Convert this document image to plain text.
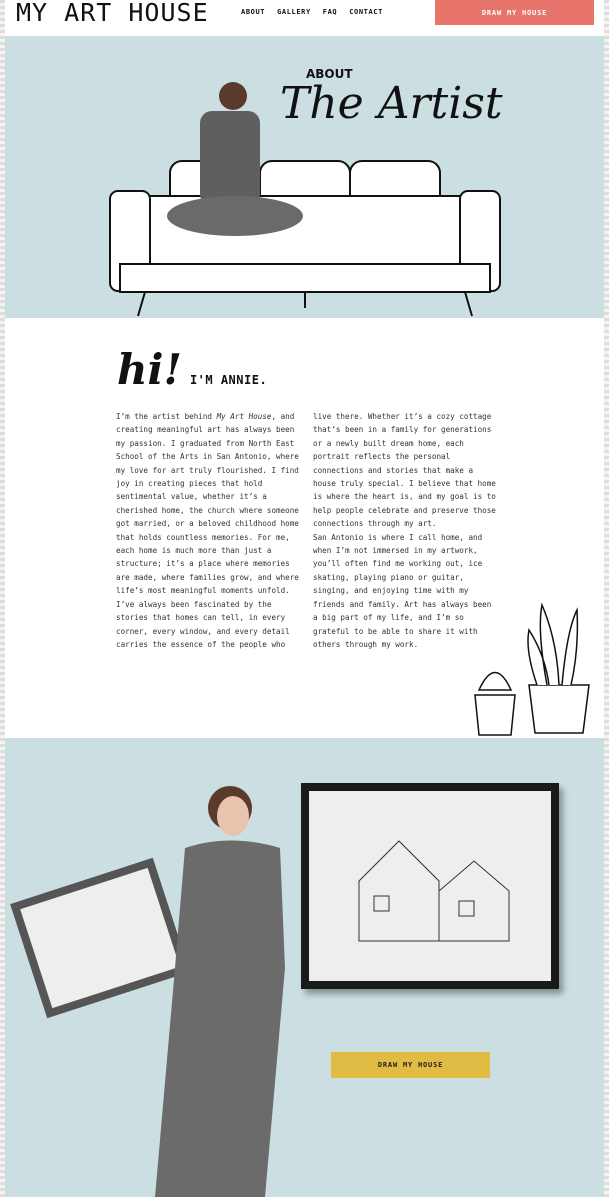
MY ART HOUSE	ABOUT GALLERY FAQ CONTACT	DRAW MY HOUSE
ABOUT
The Artist
hi! I'M ANNIE.

I’m the artist behind My Art House, and creating meaningful art has always been my passion. I graduated from North East School of the Arts in San Antonio, where my love for art truly flourished. I find joy in creating pieces that hold sentimental value, whether it’s a cherished home, the church where someone got married, or a beloved childhood home that holds countless memories. For me, each home is much more than just a structure; it’s a place where memories are made, where families grow, and where life’s most meaningful moments unfold. I’ve always been fascinated by the stories that homes can tell, in every corner, every window, and every detail carries the essence of the people who live there. Whether it’s a cozy cottage that’s been in a family for generations or a newly built dream home, each portrait reflects the personal connections and stories that make a house truly special. I believe that home is where the heart is, and my goal is to help people celebrate and preserve those connections through my art.

San Antonio is where I call home, and when I’m not immersed in my artwork, you’ll often find me working out, ice skating, playing piano or guitar, singing, and enjoying time with my friends and family. Art has always been a big part of my life, and I’m so grateful to be able to share it with others through my work.

DRAW MY HOUSE
